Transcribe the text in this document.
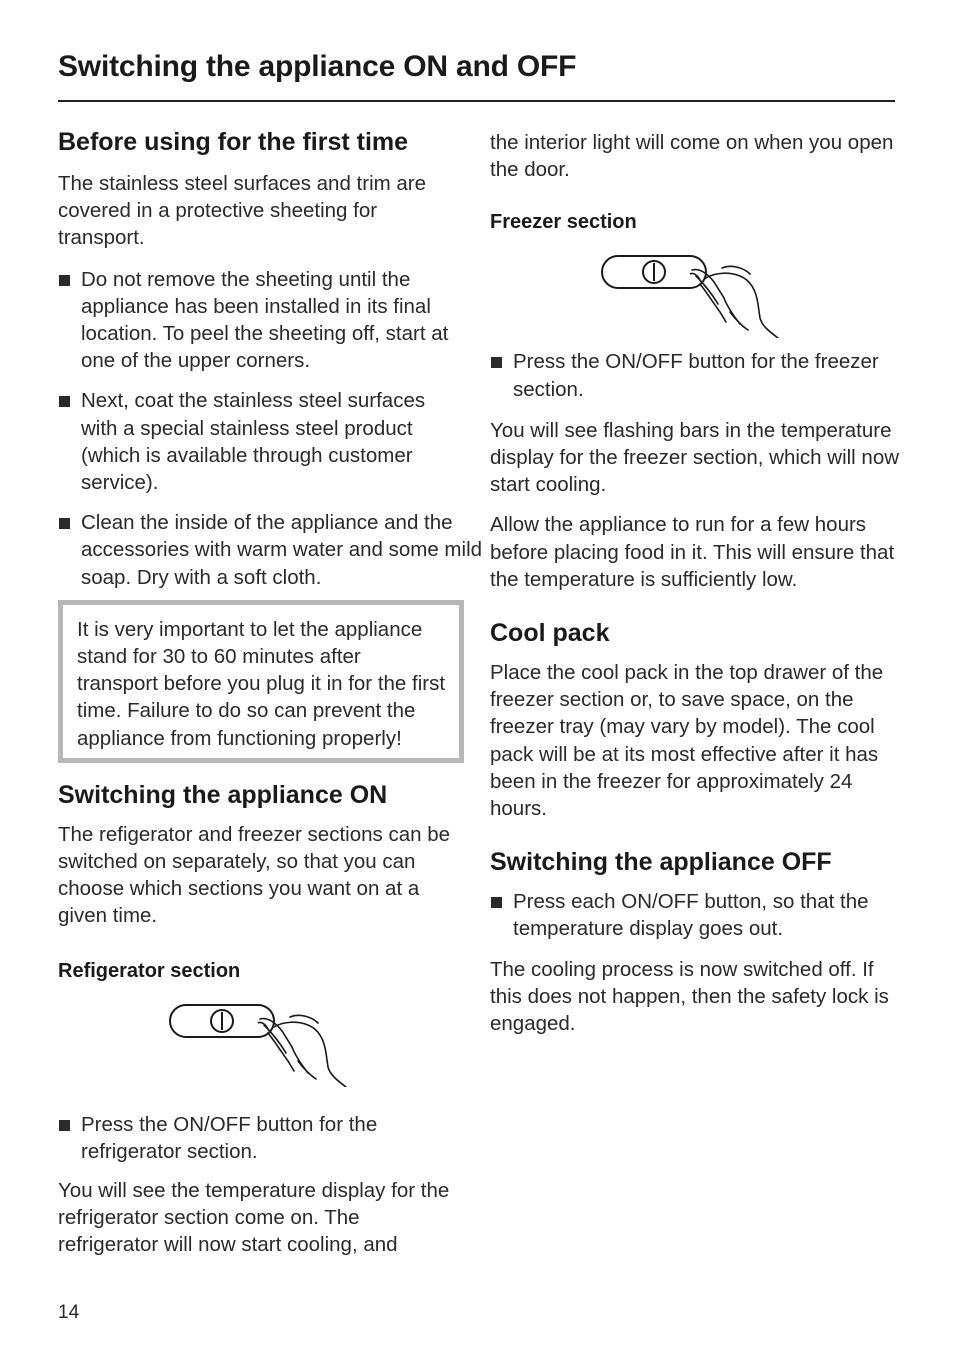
Switching the appliance ON and OFF
Before using for the first time

The stainless steel surfaces and trim are covered in a protective sheeting for transport.

Do not remove the sheeting until the appliance has been installed in its final location. To peel the sheeting off, start at one of the upper corners.
Next, coat the stainless steel surfaces with a special stainless steel product (which is available through customer service).
Clean the inside of the appliance and the accessories with warm water and some mild soap. Dry with a soft cloth.

It is very important to let the appliance stand for 30 to 60 minutes after transport before you plug it in for the first time. Failure to do so can prevent the appliance from functioning properly!

Switching the appliance ON

The refigerator and freezer sections can be switched on separately, so that you can choose which sections you want on at a given time.

Refigerator section
Press the ON/OFF button for the refrigerator section.

You will see the temperature display for the refrigerator section come on. The refrigerator will now start cooling, and

the interior light will come on when you open the door.

Freezer section
Press the ON/OFF button for the freezer section.

You will see flashing bars in the temperature display for the freezer section, which will now start cooling.

Allow the appliance to run for a few hours before placing food in it. This will ensure that the temperature is sufficiently low.

Cool pack

Place the cool pack in the top drawer of the freezer section or, to save space, on the freezer tray (may vary by model). The cool pack will be at its most effective after it has been in the freezer for approximately 24 hours.

Switching the appliance OFF
Press each ON/OFF button, so that the temperature display goes out.

The cooling process is now switched off. If this does not happen, then the safety lock is engaged.

14
